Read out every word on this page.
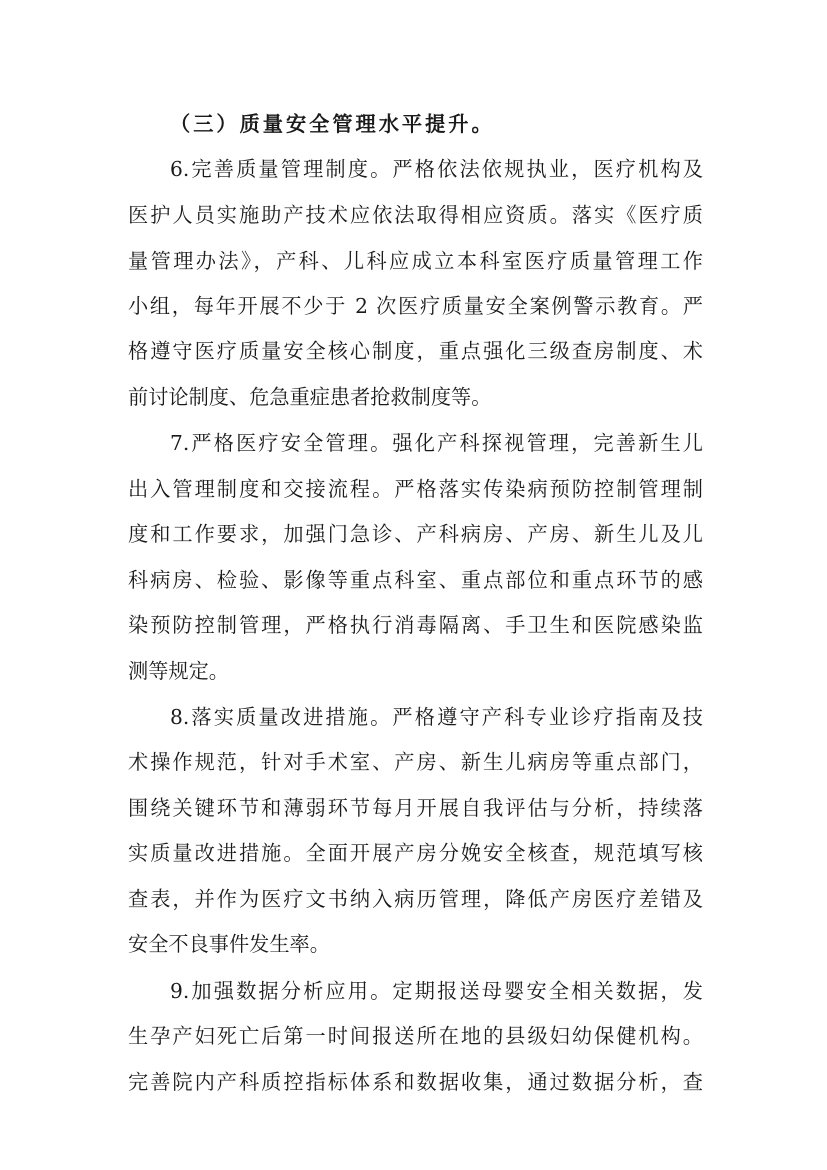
（三）质量安全管理水平提升。
6.完善质量管理制度。严格依法依规执业，医疗机构及
医护人员实施助产技术应依法取得相应资质。落实《医疗质
量管理办法》，产科、儿科应成立本科室医疗质量管理工作
小组，每年开展不少于 2 次医疗质量安全案例警示教育。严
格遵守医疗质量安全核心制度，重点强化三级查房制度、术
前讨论制度、危急重症患者抢救制度等。
7.严格医疗安全管理。强化产科探视管理，完善新生儿
出入管理制度和交接流程。严格落实传染病预防控制管理制
度和工作要求，加强门急诊、产科病房、产房、新生儿及儿
科病房、检验、影像等重点科室、重点部位和重点环节的感
染预防控制管理，严格执行消毒隔离、手卫生和医院感染监
测等规定。
8.落实质量改进措施。严格遵守产科专业诊疗指南及技
术操作规范，针对手术室、产房、新生儿病房等重点部门，
围绕关键环节和薄弱环节每月开展自我评估与分析，持续落
实质量改进措施。全面开展产房分娩安全核查，规范填写核
查表，并作为医疗文书纳入病历管理，降低产房医疗差错及
安全不良事件发生率。
9.加强数据分析应用。定期报送母婴安全相关数据，发
生孕产妇死亡后第一时间报送所在地的县级妇幼保健机构。
完善院内产科质控指标体系和数据收集，通过数据分析，查
